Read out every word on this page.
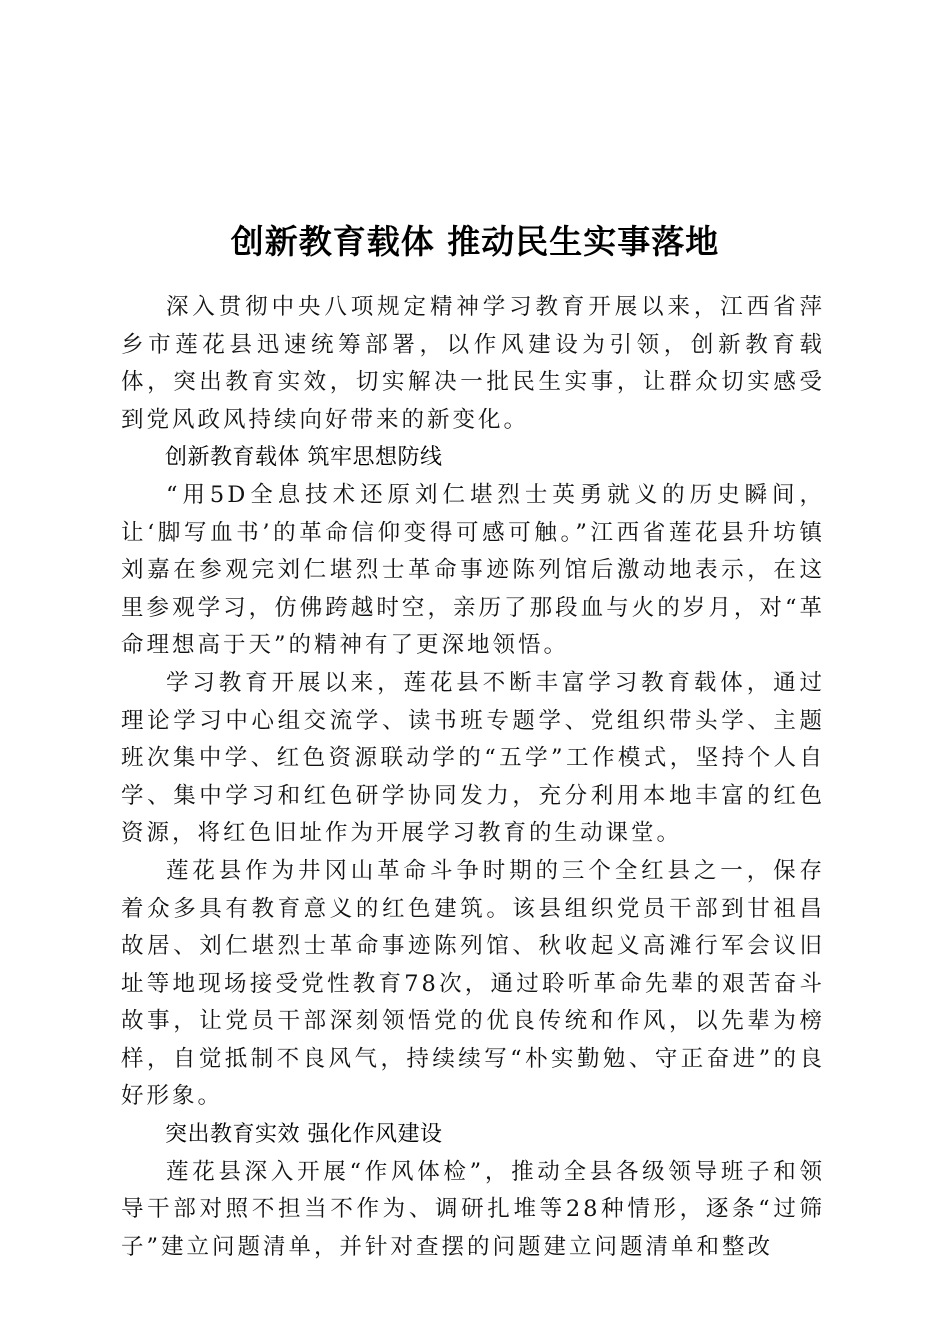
创新教育载体 推动民生实事落地

深入贯彻中央八项规定精神学习教育开展以来，江西省萍乡市莲花县迅速统筹部署，以作风建设为引领，创新教育载体，突出教育实效，切实解决一批民生实事，让群众切实感受到党风政风持续向好带来的新变化。

创新教育载体 筑牢思想防线

“用5D全息技术还原刘仁堪烈士英勇就义的历史瞬间，让‘脚写血书’的革命信仰变得可感可触。”江西省莲花县升坊镇刘嘉在参观完刘仁堪烈士革命事迹陈列馆后激动地表示，在这里参观学习，仿佛跨越时空，亲历了那段血与火的岁月，对“革命理想高于天”的精神有了更深地领悟。

学习教育开展以来，莲花县不断丰富学习教育载体，通过理论学习中心组交流学、读书班专题学、党组织带头学、主题班次集中学、红色资源联动学的“五学”工作模式，坚持个人自学、集中学习和红色研学协同发力，充分利用本地丰富的红色资源，将红色旧址作为开展学习教育的生动课堂。

莲花县作为井冈山革命斗争时期的三个全红县之一，保存着众多具有教育意义的红色建筑。该县组织党员干部到甘祖昌故居、刘仁堪烈士革命事迹陈列馆、秋收起义高滩行军会议旧址等地现场接受党性教育78次，通过聆听革命先辈的艰苦奋斗故事，让党员干部深刻领悟党的优良传统和作风，以先辈为榜样，自觉抵制不良风气，持续续写“朴实勤勉、守正奋进”的良好形象。

突出教育实效 强化作风建设

莲花县深入开展“作风体检”，推动全县各级领导班子和领导干部对照不担当不作为、调研扎堆等28种情形，逐条“过筛子”建立问题清单，并针对查摆的问题建立问题清单和整改
